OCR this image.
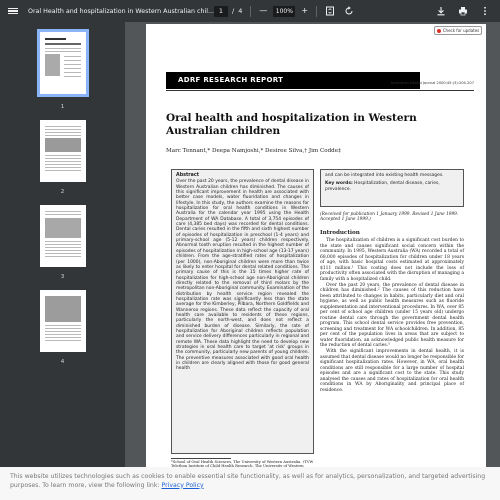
Oral Health and hospitalization in Western Australian chil... 1	/ 4 —	100%	+
1
2
3
4
Check for updates
ADRF RESEARCH REPORT	Australian Dental Journal 2000;45:(3):204-207
Oral health and hospitalization in Western Australian children
Marc Tennant,* Deepa Namjoshi,* Desiree Silva,† Jim Codde‡
Abstract
Over the past 20 years, the prevalence of dental disease in Western Australian children has diminished. The causes of this significant improvement in health are associated with better case models, water fluoridation and changes in lifestyle. In this study, the authors examine the reasons for hospitalization for oral health conditions in Western Australia for the calendar year 1995 using the Health Department of WA Database. A total of 3,754 episodes of care (4,385 bed days) was recorded for dental conditions. Dental caries resulted in the fifth and sixth highest number of episodes of hospitalization in preschool (1-4 years) and primary-school age (5-12 years) children respectively. Abnormal tooth eruption resulted in the highest number of episodes of hospitalization in high-school age (13-17 years) children. From the age-stratified rates of hospitalization (per 1000), non-Aboriginal children were more than twice as likely to enter hospital for dental related conditions. The primary cause of this is the 15 times higher rate of hospitalization for high-school age non-Aboriginal children directly related to the removal of third molars by the metropolitan non-Aboriginal community. Examination of the distribution by health service region revealed the hospitalization rate was significantly less than the state average for the Kimberley, Pilbara, Northern Goldfields and Wanneroo regions. These data reflect the capacity of oral health care available to residents of these regions, particularly the north-west, and does not reflect a diminished burden of disease. Similarly, the rate of hospitalization for Aboriginal children reflects population and service delivery differences particularly in regional and remote WA. These data highlight the need to develop new strategies in oral health care to target 'at risk' groups in the community, particularly new parents of young children. The preventive measures associated with good oral health in children are clearly aligned with those for good general health
and can be integrated into existing health messages.
Key words: Hospitalization, dental disease, caries, prevalence.
(Received for publication 1 January 1999. Revised 1 June 1999. Accepted 1 June 1999.)
Introduction

The hospitalization of children is a significant cost burden to the state and causes significant social concern within the community. In 1995, Western Australia (WA) recorded a total of 68,000 episodes of hospitalization for children under 18 years of age, with basic hospital costs estimated at approximately $111 million.¹ This costing does not include the loss of productivity often associated with the disruption of managing a family with a hospitalized child.

Over the past 20 years, the prevalence of dental disease in children has diminished.² The causes of this reduction have been attributed to changes in habits, particularly diet and oral hygiene, as well as public health measures such as fluoride supplementation and interventional procedures. In WA, over 85 per cent of school age children (under 15 years old) undergo routine dental care through the government dental health program. This school dental service provides free prevention, screening and treatment for WA schoolchildren. In addition, 85 per cent of the population lives in areas that are subject to water fluoridation, an acknowledged public health measure for the reduction of dental caries.³

With the significant improvements in dental health, it is assumed that dental disease would no longer be responsible for significant hospitalization rates. However, in WA, oral health conditions are still responsible for a large number of hospital episodes and are a significant cost to the state. This study analysed the causes and rates of hospitalization for oral health conditions in WA by Aboriginality and principal place of residence.

*School of Oral Health Sciences, The University of Western Australia. †TVW
This website utilizes technologies such as cookies to enable essential site functionality, as well as for analytics, personalization, and targeted advertising purposes. To learn more, view the following link: Privacy Policy
